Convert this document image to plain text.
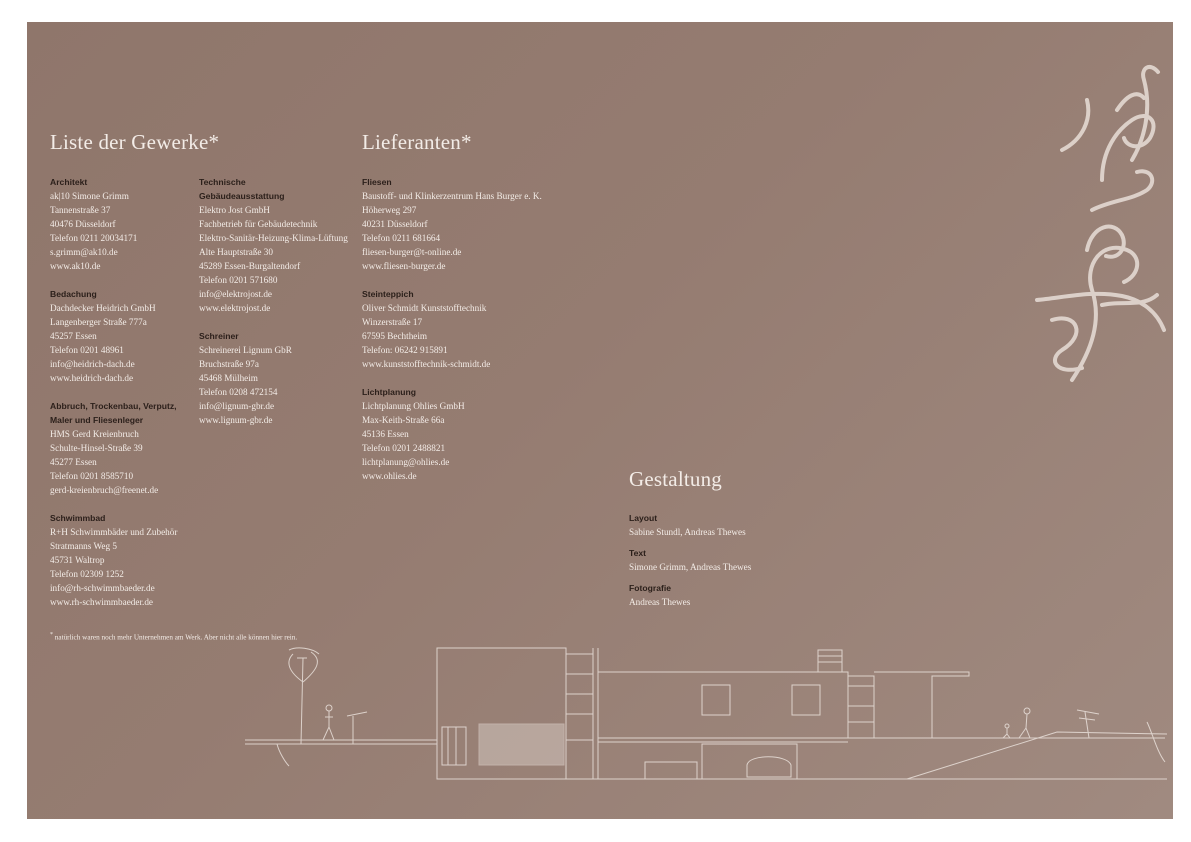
Liste der Gewerke*	Lieferanten*
Gestaltung
Architekt
ak|10 Simone Grimm
Tannenstraße 37
40476 Düsseldorf
Telefon 0211 20034171
s.grimm@ak10.de
www.ak10.de
Bedachung
Dachdecker Heidrich GmbH
Langenberger Straße 777a
45257 Essen
Telefon 0201 48961
info@heidrich-dach.de
www.heidrich-dach.de
Abbruch, Trockenbau, Verputz,
Maler und Fliesenleger
HMS Gerd Kreienbruch
Schulte-Hinsel-Straße 39
45277 Essen
Telefon 0201 8585710
gerd-kreienbruch@freenet.de
Schwimmbad
R+H Schwimmbäder und Zubehör
Stratmanns Weg 5
45731 Waltrop
Telefon 02309 1252
info@rh-schwimmbaeder.de
www.rh-schwimmbaeder.de
Technische
Gebäudeausstattung
Elektro Jost GmbH
Fachbetrieb für Gebäudetechnik
Elektro-Sanitär-Heizung-Klima-Lüftung
Alte Hauptstraße 30
45289 Essen-Burgaltendorf
Telefon 0201 571680
info@elektrojost.de
www.elektrojost.de
Schreiner
Schreinerei Lignum GbR
Bruchstraße 97a
45468 Mülheim
Telefon 0208 472154
info@lignum-gbr.de
www.lignum-gbr.de
Fliesen
Baustoff- und Klinkerzentrum Hans Burger e. K.
Höherweg 297
40231 Düsseldorf
Telefon 0211 681664
fliesen-burger@t-online.de
www.fliesen-burger.de
Steinteppich
Oliver Schmidt Kunststofftechnik
Winzerstraße 17
67595 Bechtheim
Telefon: 06242 915891
www.kunststofftechnik-schmidt.de
Lichtplanung
Lichtplanung Ohlies GmbH
Max-Keith-Straße 66a
45136 Essen
Telefon 0201 2488821
lichtplanung@ohlies.de
www.ohlies.de
Layout
Sabine Stundl, Andreas Thewes
Text
Simone Grimm, Andreas Thewes
Fotografie
Andreas Thewes
* natürlich waren noch mehr Unternehmen am Werk. Aber nicht alle können hier rein.
